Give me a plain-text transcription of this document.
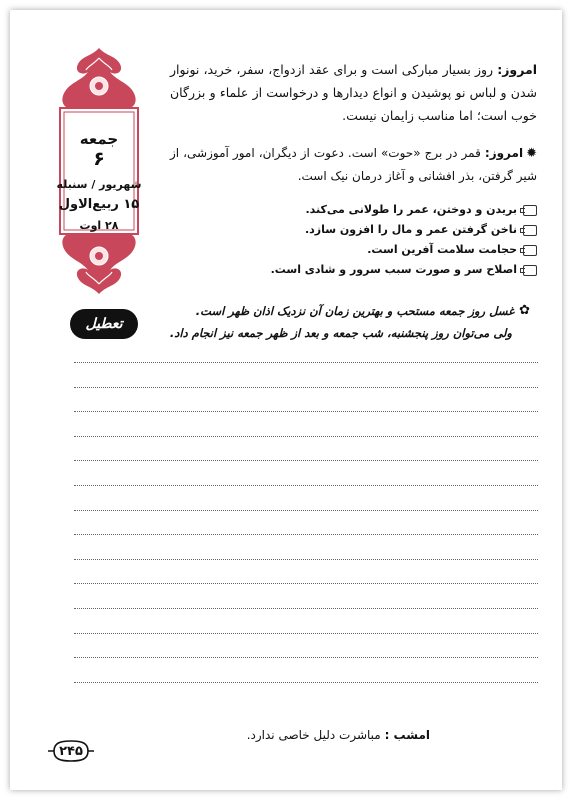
جمعه
۶
شهریور / سنبله
۱۵ ربیع‌الاول
۲۸ اوت
تعطیل
امروز: روز بسیار مبارکی است و برای عقد ازدواج، سفر، خرید، نونوار شدن و لباس نو پوشیدن و انواع دیدارها و درخواست از علماء و بزرگان خوب است؛ اما مناسب زایمان نیست.
✹امروز: قمر در برج «حوت» است. دعوت از دیگران، امور آموزشی، از شیر گرفتن، بذر افشانی و آغاز درمان نیک است.
بریدن و دوختن، عمر را طولانی می‌کند.
ناخن گرفتن عمر و مال را افزون سازد.
حجامت سلامت آفرین است.
اصلاح سر و صورت سبب سرور و شادی است.
✿
غسل روز جمعه مستحب و بهترین زمان آن نزدیک اذان ظهر است.
ولی می‌توان روز پنجشنبه، شب جمعه و بعد از ظهر جمعه نیز انجام داد.
امشب : مباشرت دلیل خاصی ندارد.
۲۴۵
